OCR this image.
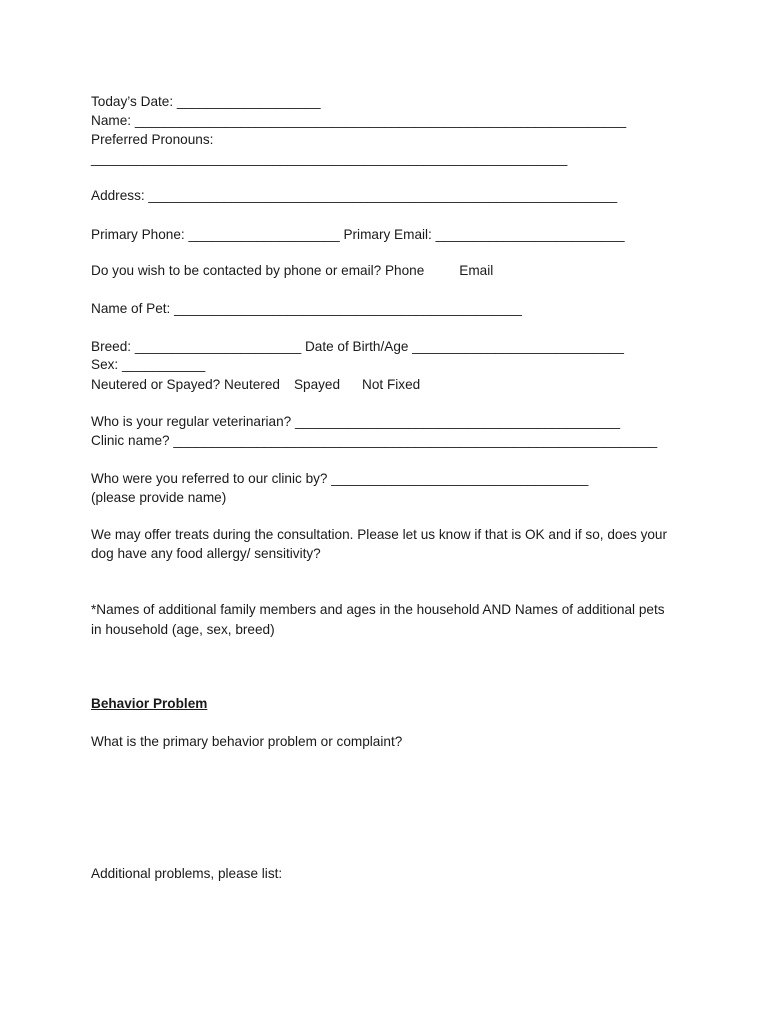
Today’s Date: ___________________
Name: _________________________________________________________________
Preferred Pronouns:
_______________________________________________________________
Address: ______________________________________________________________
Primary Phone: ____________________ Primary Email: _________________________
Do you wish to be contacted by phone or email? Phone	Email
Name of Pet: ______________________________________________
Breed: ______________________ Date of Birth/Age ____________________________
Sex: ___________
Neutered or Spayed? Neutered Spayed Not Fixed
Who is your regular veterinarian? ___________________________________________
Clinic name? ________________________________________________________________
Who were you referred to our clinic by? __________________________________
(please provide name)
We may offer treats during the consultation. Please let us know if that is OK and if so, does your
dog have any food allergy/ sensitivity?
*Names of additional family members and ages in the household AND Names of additional pets
in household (age, sex, breed)
Behavior Problem
What is the primary behavior problem or complaint?
Additional problems, please list:
